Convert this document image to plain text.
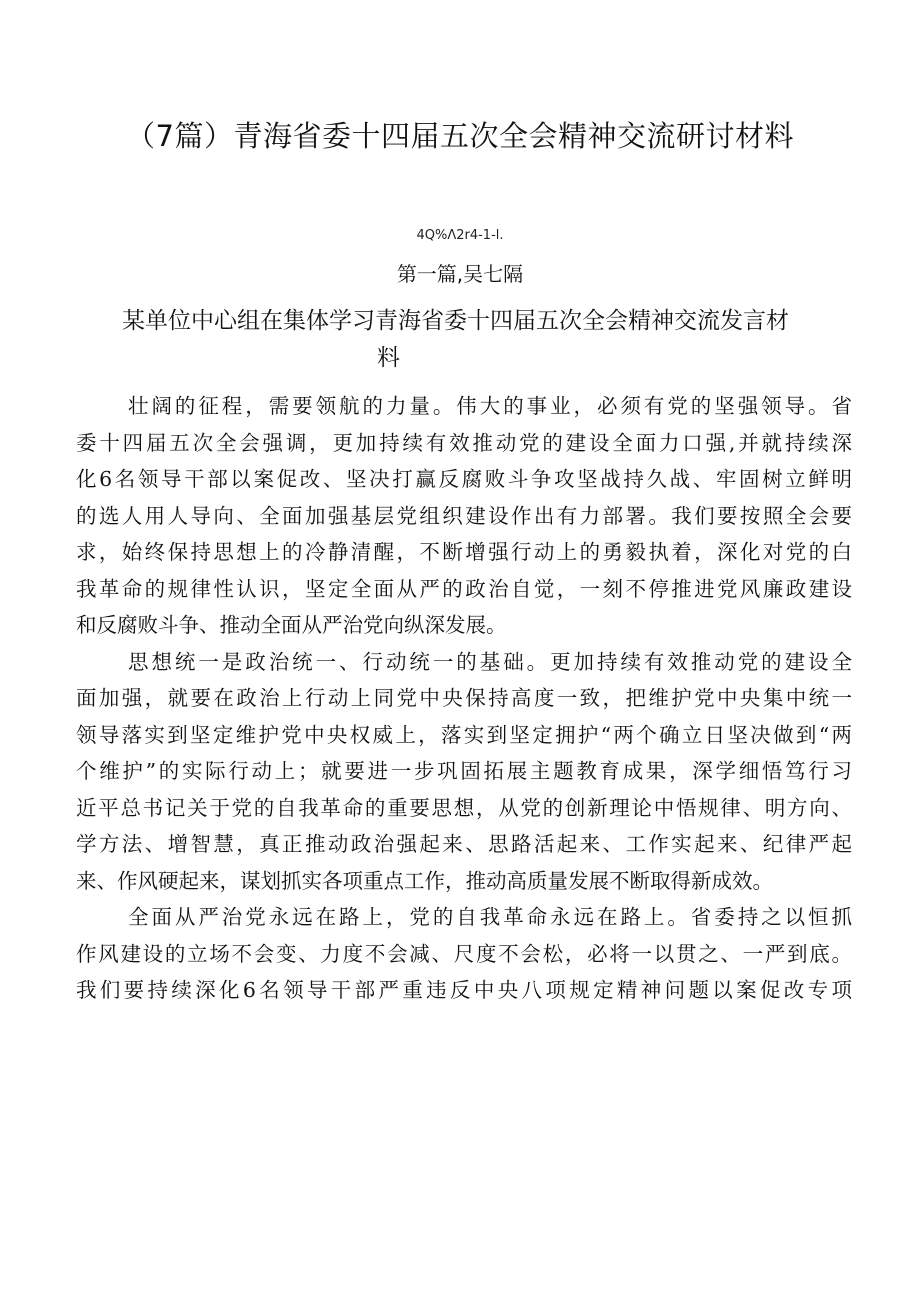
（7篇）青海省委十四届五次全会精神交流研讨材料
4Q%Λ2r4-1-l.
第一篇,吴七隔
某单位中心组在集体学习青海省委十四届五次全会精神交流发言材
料
壮阔的征程，需要领航的力量。伟大的事业，必须有党的坚强领导。省
委十四届五次全会强调，更加持续有效推动党的建设全面力口强,并就持续深
化6名领导干部以案促改、坚决打赢反腐败斗争攻坚战持久战、牢固树立鲜明
的选人用人导向、全面加强基层党组织建设作出有力部署。我们要按照全会要
求，始终保持思想上的冷静清醒，不断增强行动上的勇毅执着，深化对党的白
我革命的规律性认识，坚定全面从严的政治自觉，一刻不停推进党风廉政建设
和反腐败斗争、推动全面从严治党向纵深发展。
思想统一是政治统一、行动统一的基础。更加持续有效推动党的建设全
面加强，就要在政治上行动上同党中央保持高度一致，把维护党中央集中统一
领导落实到坚定维护党中央权威上，落实到坚定拥护“两个确立日坚决做到“两
个维护”的实际行动上；就要进一步巩固拓展主题教育成果，深学细悟笃行习
近平总书记关于党的自我革命的重要思想，从党的创新理论中悟规律、明方向、
学方法、增智慧，真正推动政治强起来、思路活起来、工作实起来、纪律严起
来、作风硬起来，谋划抓实各项重点工作，推动高质量发展不断取得新成效。
全面从严治党永远在路上，党的自我革命永远在路上。省委持之以恒抓
作风建设的立场不会变、力度不会减、尺度不会松，必将一以贯之、一严到底。
我们要持续深化6名领导干部严重违反中央八项规定精神问题以案促改专项
